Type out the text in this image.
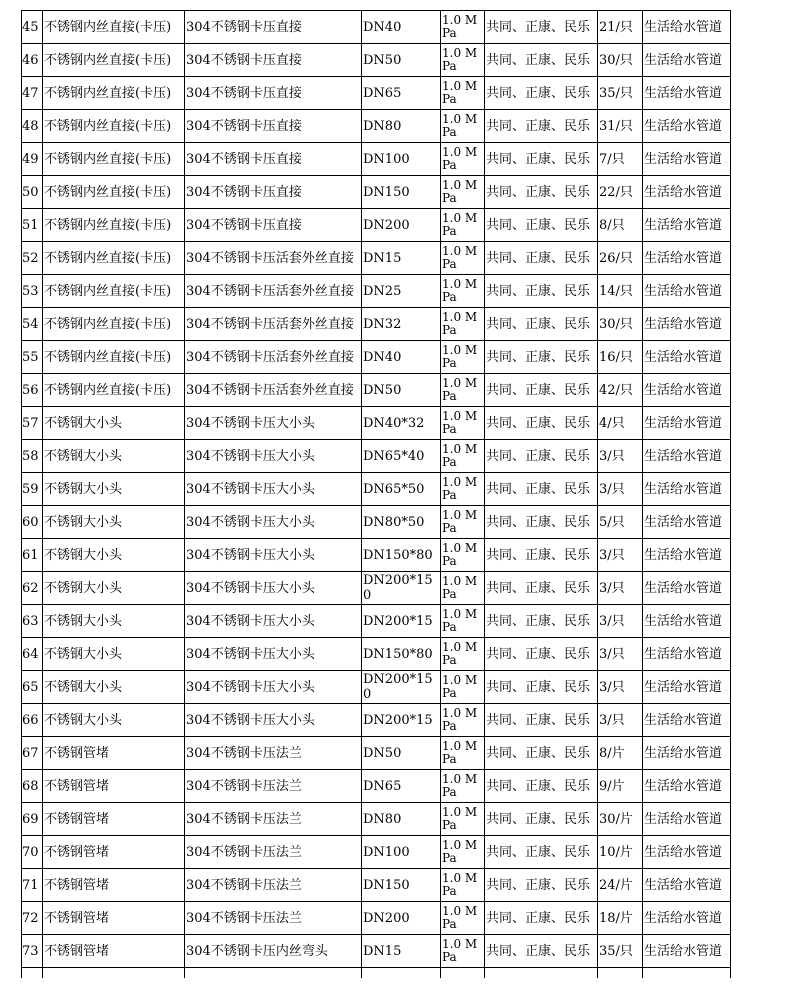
45	不锈钢内丝直接(卡压)	304不锈钢卡压直接	DN40	1.0 MPa	共同、正康、民乐	21/只	生活给水管道
46	不锈钢内丝直接(卡压)	304不锈钢卡压直接	DN50	1.0 MPa	共同、正康、民乐	30/只	生活给水管道
47	不锈钢内丝直接(卡压)	304不锈钢卡压直接	DN65	1.0 MPa	共同、正康、民乐	35/只	生活给水管道
48	不锈钢内丝直接(卡压)	304不锈钢卡压直接	DN80	1.0 MPa	共同、正康、民乐	31/只	生活给水管道
49	不锈钢内丝直接(卡压)	304不锈钢卡压直接	DN100	1.0 MPa	共同、正康、民乐	7/只	生活给水管道
50	不锈钢内丝直接(卡压)	304不锈钢卡压直接	DN150	1.0 MPa	共同、正康、民乐	22/只	生活给水管道
51	不锈钢内丝直接(卡压)	304不锈钢卡压直接	DN200	1.0 MPa	共同、正康、民乐	8/只	生活给水管道
52	不锈钢内丝直接(卡压)	304不锈钢卡压活套外丝直接	DN15	1.0 MPa	共同、正康、民乐	26/只	生活给水管道
53	不锈钢内丝直接(卡压)	304不锈钢卡压活套外丝直接	DN25	1.0 MPa	共同、正康、民乐	14/只	生活给水管道
54	不锈钢内丝直接(卡压)	304不锈钢卡压活套外丝直接	DN32	1.0 MPa	共同、正康、民乐	30/只	生活给水管道
55	不锈钢内丝直接(卡压)	304不锈钢卡压活套外丝直接	DN40	1.0 MPa	共同、正康、民乐	16/只	生活给水管道
56	不锈钢内丝直接(卡压)	304不锈钢卡压活套外丝直接	DN50	1.0 MPa	共同、正康、民乐	42/只	生活给水管道
57	不锈钢大小头	304不锈钢卡压大小头	DN40*32	1.0 MPa	共同、正康、民乐	4/只	生活给水管道
58	不锈钢大小头	304不锈钢卡压大小头	DN65*40	1.0 MPa	共同、正康、民乐	3/只	生活给水管道
59	不锈钢大小头	304不锈钢卡压大小头	DN65*50	1.0 MPa	共同、正康、民乐	3/只	生活给水管道
60	不锈钢大小头	304不锈钢卡压大小头	DN80*50	1.0 MPa	共同、正康、民乐	5/只	生活给水管道
61	不锈钢大小头	304不锈钢卡压大小头	DN150*80	1.0 MPa	共同、正康、民乐	3/只	生活给水管道
62	不锈钢大小头	304不锈钢卡压大小头	DN200*150	1.0 MPa	共同、正康、民乐	3/只	生活给水管道
63	不锈钢大小头	304不锈钢卡压大小头	DN200*15	1.0 MPa	共同、正康、民乐	3/只	生活给水管道
64	不锈钢大小头	304不锈钢卡压大小头	DN150*80	1.0 MPa	共同、正康、民乐	3/只	生活给水管道
65	不锈钢大小头	304不锈钢卡压大小头	DN200*150	1.0 MPa	共同、正康、民乐	3/只	生活给水管道
66	不锈钢大小头	304不锈钢卡压大小头	DN200*15	1.0 MPa	共同、正康、民乐	3/只	生活给水管道
67	不锈钢管堵	304不锈钢卡压法兰	DN50	1.0 MPa	共同、正康、民乐	8/片	生活给水管道
68	不锈钢管堵	304不锈钢卡压法兰	DN65	1.0 MPa	共同、正康、民乐	9/片	生活给水管道
69	不锈钢管堵	304不锈钢卡压法兰	DN80	1.0 MPa	共同、正康、民乐	30/片	生活给水管道
70	不锈钢管堵	304不锈钢卡压法兰	DN100	1.0 MPa	共同、正康、民乐	10/片	生活给水管道
71	不锈钢管堵	304不锈钢卡压法兰	DN150	1.0 MPa	共同、正康、民乐	24/片	生活给水管道
72	不锈钢管堵	304不锈钢卡压法兰	DN200	1.0 MPa	共同、正康、民乐	18/片	生活给水管道
73	不锈钢管堵	304不锈钢卡压内丝弯头	DN15	1.0 MPa	共同、正康、民乐	35/只	生活给水管道
